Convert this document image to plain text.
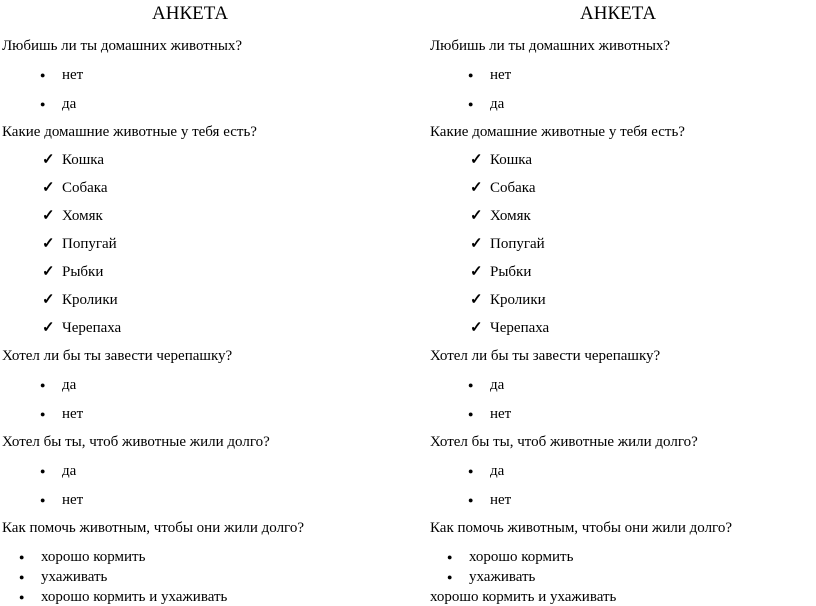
АНКЕТА
Любишь ли ты домашних животных?
● нет
● да
Какие домашние животные у тебя есть?
✓ Кошка
✓ Собака
✓ Хомяк
✓ Попугай
✓ Рыбки
✓ Кролики
✓ Черепаха
Хотел ли бы ты завести черепашку?
● да
● нет
Хотел бы ты, чтоб животные жили долго?
● да
● нет
Как помочь животным, чтобы они жили долго?
● хорошо кормить
● ухаживать
● хорошо кормить и ухаживать
АНКЕТА
Любишь ли ты домашних животных?
● нет
● да
Какие домашние животные у тебя есть?
✓ Кошка
✓ Собака
✓ Хомяк
✓ Попугай
✓ Рыбки
✓ Кролики
✓ Черепаха
Хотел ли бы ты завести черепашку?
● да
● нет
Хотел бы ты, чтоб животные жили долго?
● да
● нет
Как помочь животным, чтобы они жили долго?
● хорошо кормить
● ухаживать
хорошо кормить и ухаживать
